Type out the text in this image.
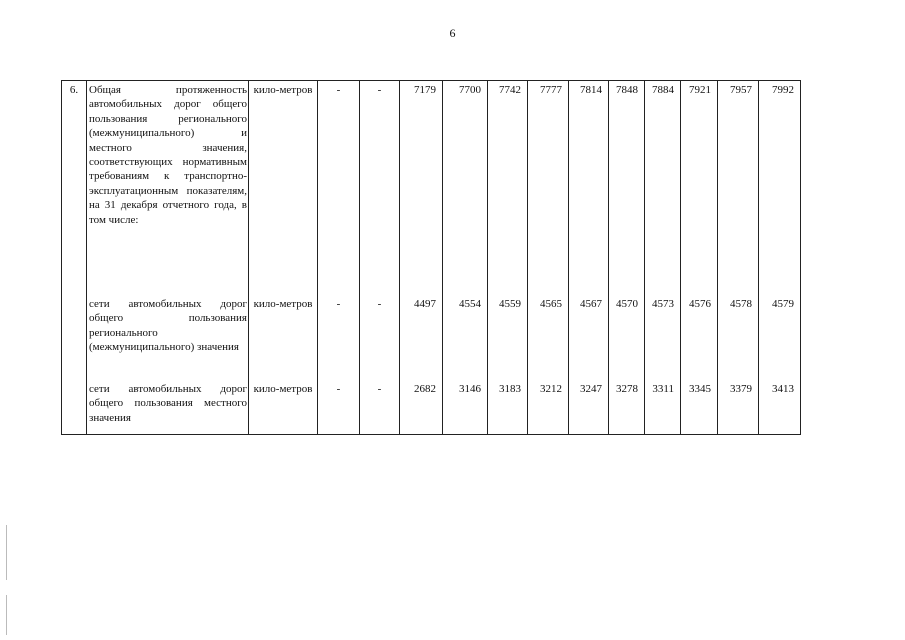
6
6.	Общая протяженность автомобильных дорог общего пользования регионального (межмуниципального) и местного значения, соответствующих нормативным требованиям к транспортно-эксплуатационным показателям, на 31 декабря отчетного года, в том числе:	кило-метров	-	-	7179	7700	7742	7777	7814	7848	7884	7921	7957	7992
	сети автомобильных дорог общего пользования регионального (межмуниципального) значения	кило-метров	-	-	4497	4554	4559	4565	4567	4570	4573	4576	4578	4579
	сети автомобильных дорог общего пользования местного значения	кило-метров	-	-	2682	3146	3183	3212	3247	3278	3311	3345	3379	3413
